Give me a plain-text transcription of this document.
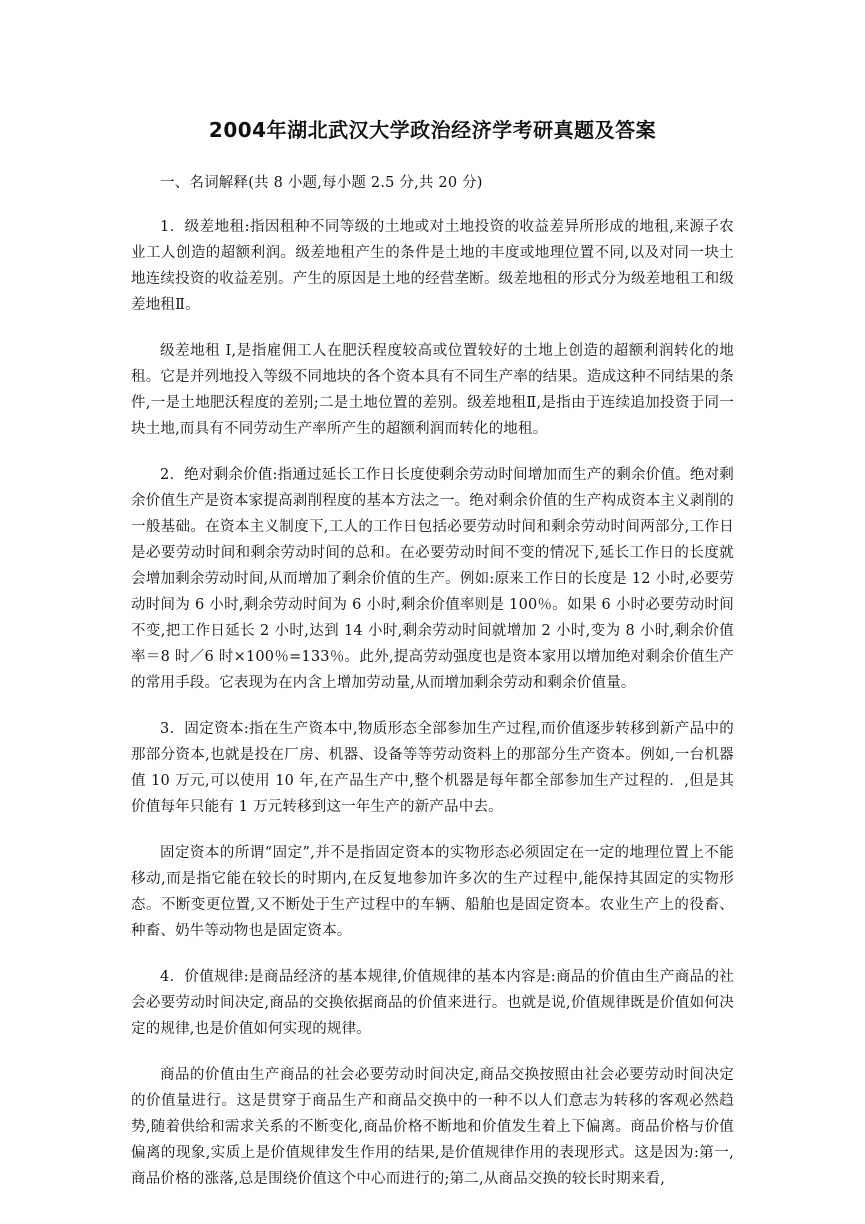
2004年湖北武汉大学政治经济学考研真题及答案

一、名词解释(共 8 小题,每小题 2.5 分,共 20 分)

1．级差地租:指因租种不同等级的土地或对土地投资的收益差异所形成的地租,来源子农业工人创造的超额利润。级差地租产生的条件是土地的丰度或地理位置不同,以及对同一块土地连续投资的收益差别。产生的原因是土地的经营垄断。级差地租的形式分为级差地租工和级差地租Ⅱ。

级差地租 I,是指雇佣工人在肥沃程度较高或位置较好的土地上创造的超额利润转化的地租。它是并列地投入等级不同地块的各个资本具有不同生产率的结果。造成这种不同结果的条件,一是土地肥沃程度的差别;二是土地位置的差别。级差地租Ⅱ,是指由于连续追加投资于同一块土地,而具有不同劳动生产率所产生的超额利润而转化的地租。

2．绝对剩余价值:指通过延长工作日长度使剩余劳动时间增加而生产的剩余价值。绝对剩余价值生产是资本家提高剥削程度的基本方法之一。绝对剩余价值的生产构成资本主义剥削的一般基础。在资本主义制度下,工人的工作日包括必要劳动时间和剩余劳动时间两部分,工作日是必要劳动时间和剩余劳动时间的总和。在必要劳动时间不变的情况下,延长工作日的长度就会增加剩余劳动时间,从而增加了剩余价值的生产。例如:原来工作日的长度是 12 小时,必要劳动时间为 6 小时,剩余劳动时间为 6 小时,剩余价值率则是 100％。如果 6 小时必要劳动时间不变,把工作日延长 2 小时,达到 14 小时,剩余劳动时间就增加 2 小时,变为 8 小时,剩余价值率＝8 时／6 时×100％=133％。此外,提高劳动强度也是资本家用以增加绝对剩余价值生产的常用手段。它表现为在内含上增加劳动量,从而增加剩余劳动和剩余价值量。

3．固定资本:指在生产资本中,物质形态全部参加生产过程,而价值逐步转移到新产品中的那部分资本,也就是投在厂房、机器、设备等等劳动资料上的那部分生产资本。例如,一台机器值 10 万元,可以使用 10 年,在产品生产中,整个机器是每年都全部参加生产过程的．,但是其价值每年只能有 1 万元转移到这一年生产的新产品中去。

固定资本的所谓“固定”,并不是指固定资本的实物形态必须固定在一定的地理位置上不能移动,而是指它能在较长的时期内,在反复地参加许多次的生产过程中,能保持其固定的实物形态。不断变更位置,又不断处于生产过程中的车辆、船舶也是固定资本。农业生产上的役畜、种畜、奶牛等动物也是固定资本。

4．价值规律:是商品经济的基本规律,价值规律的基本内容是:商品的价值由生产商品的社会必要劳动时间决定,商品的交换依据商品的价值来进行。也就是说,价值规律既是价值如何决定的规律,也是价值如何实现的规律。

商品的价值由生产商品的社会必要劳动时间决定,商品交换按照由社会必要劳动时间决定的价值量进行。这是贯穿于商品生产和商品交换中的一种不以人们意志为转移的客观必然趋势,随着供给和需求关系的不断变化,商品价格不断地和价值发生着上下偏离。商品价格与价值偏离的现象,实质上是价值规律发生作用的结果,是价值规律作用的表现形式。这是因为:第一,商品价格的涨落,总是围绕价值这个中心而进行的;第二,从商品交换的较长时期来看,
